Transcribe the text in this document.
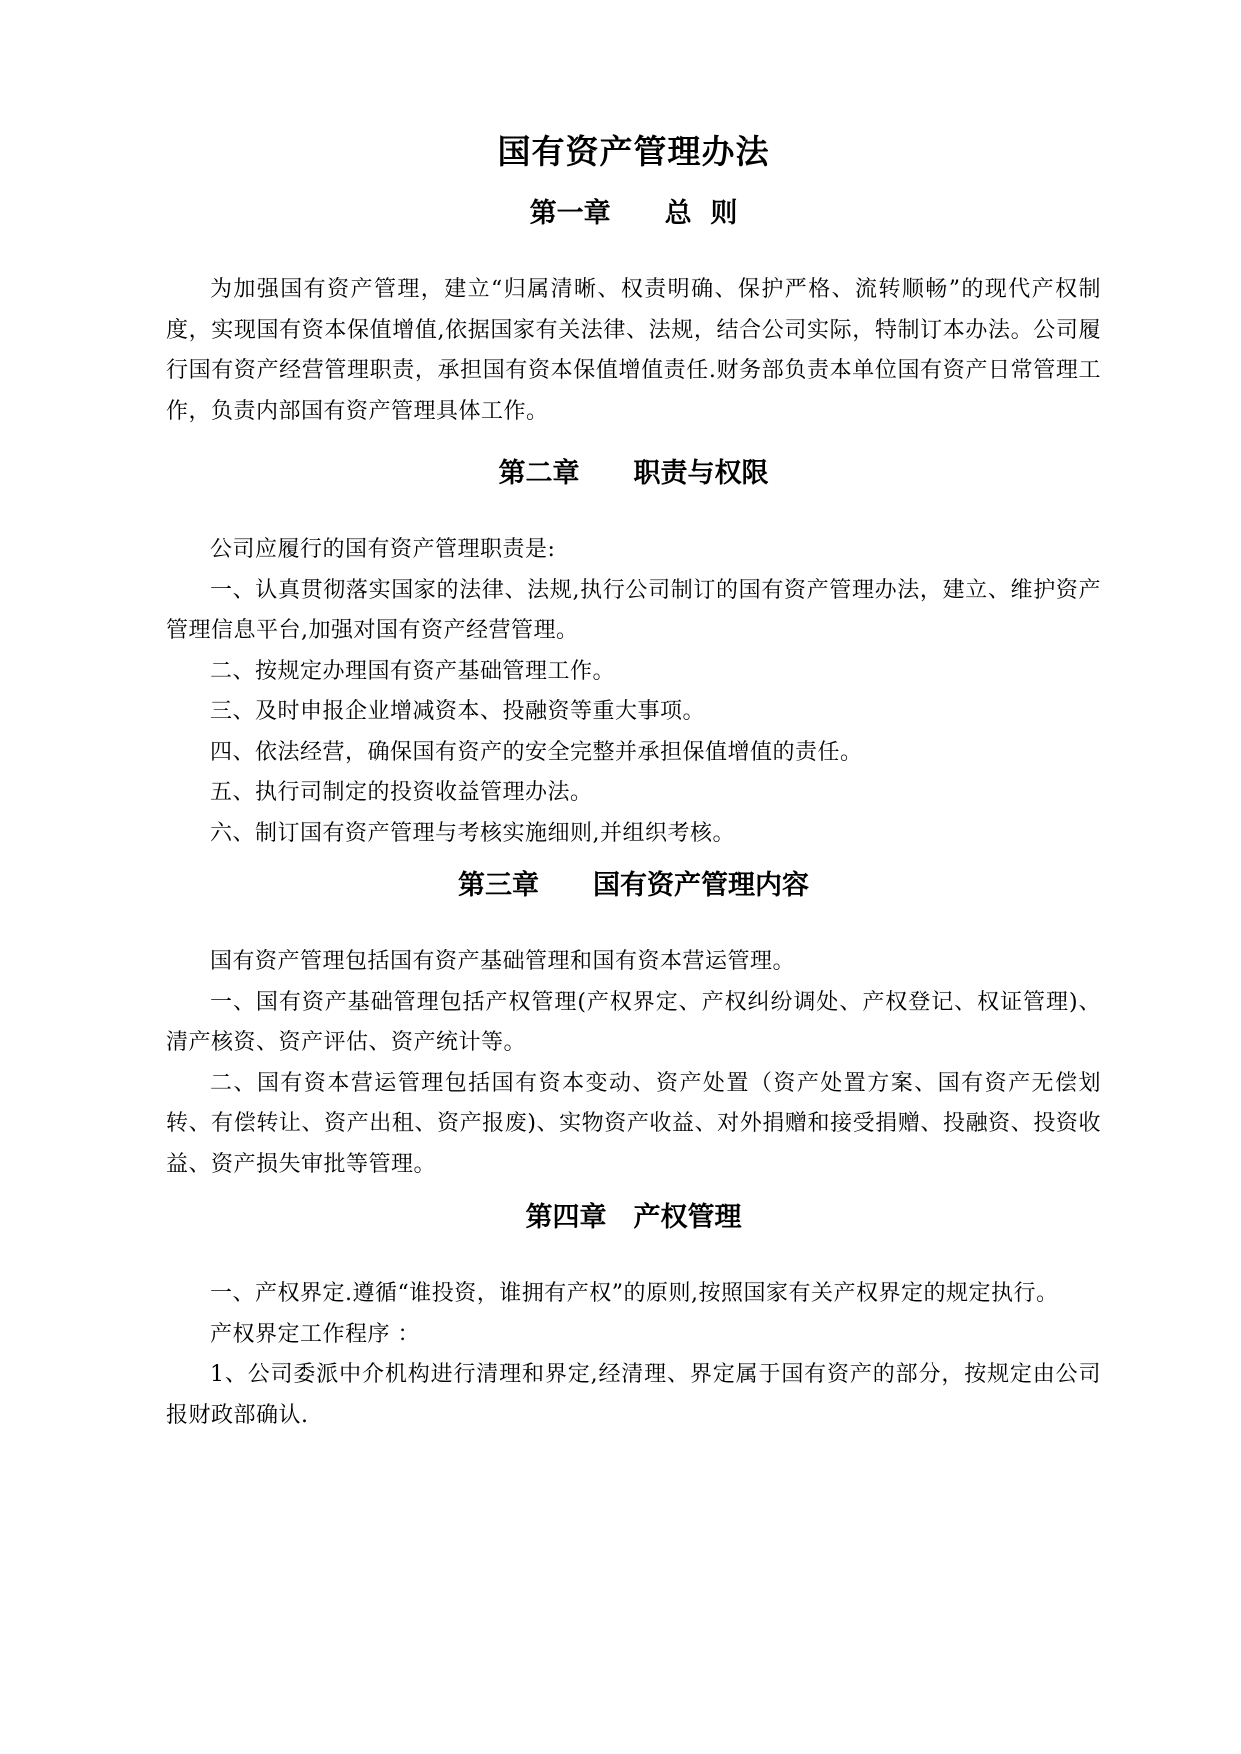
国有资产管理办法
第一章　　总  则

为加强国有资产管理，建立“归属清晰、权责明确、保护严格、流转顺畅”的现代产权制度，实现国有资本保值增值,依据国家有关法律、法规，结合公司实际，特制订本办法。公司履行国有资产经营管理职责，承担国有资本保值增值责任.财务部负责本单位国有资产日常管理工作，负责内部国有资产管理具体工作。

第二章　　职责与权限

公司应履行的国有资产管理职责是:

一、认真贯彻落实国家的法律、法规,执行公司制订的国有资产管理办法，建立、维护资产管理信息平台,加强对国有资产经营管理。

二、按规定办理国有资产基础管理工作。

三、及时申报企业增减资本、投融资等重大事项。

四、依法经营，确保国有资产的安全完整并承担保值增值的责任。

五、执行司制定的投资收益管理办法。

六、制订国有资产管理与考核实施细则,并组织考核。

第三章　　国有资产管理内容

国有资产管理包括国有资产基础管理和国有资本营运管理。

一、国有资产基础管理包括产权管理(产权界定、产权纠纷调处、产权登记、权证管理)、清产核资、资产评估、资产统计等。

二、国有资本营运管理包括国有资本变动、资产处置（资产处置方案、国有资产无偿划转、有偿转让、资产出租、资产报废)、实物资产收益、对外捐赠和接受捐赠、投融资、投资收益、资产损失审批等管理。

第四章　产权管理

一、产权界定.遵循“谁投资，谁拥有产权”的原则,按照国家有关产权界定的规定执行。

产权界定工作程序 ：

1、公司委派中介机构进行清理和界定,经清理、界定属于国有资产的部分，按规定由公司报财政部确认.
